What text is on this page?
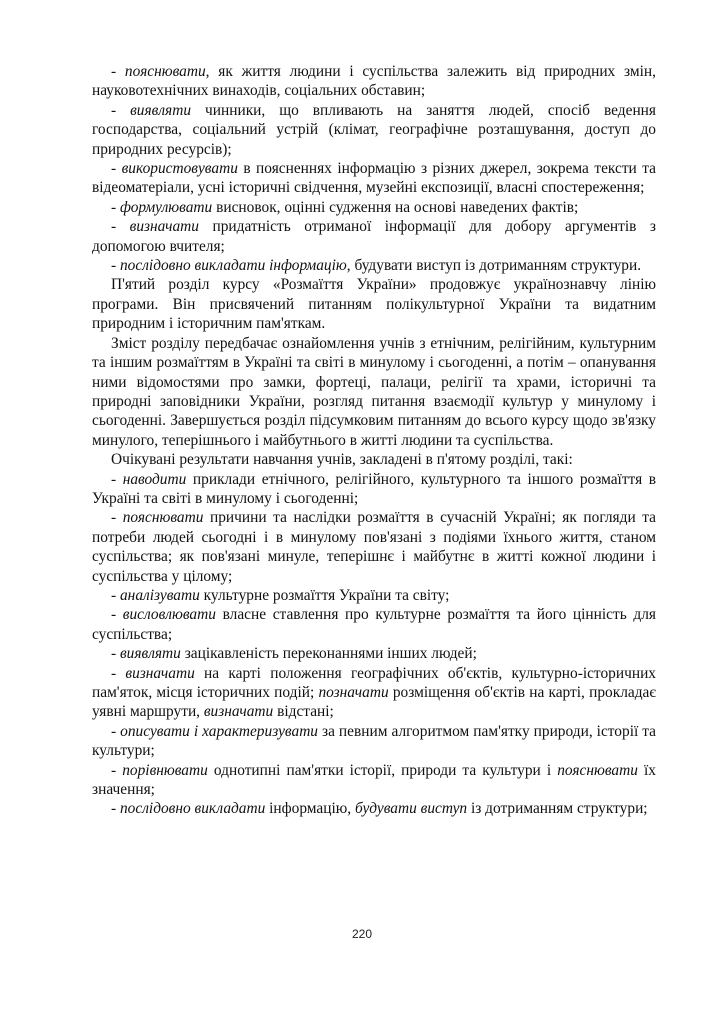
- пояснювати, як життя людини і суспільства залежить від природних змін, науковотехнічних винаходів, соціальних обставин;

- виявляти чинники, що впливають на заняття людей, спосіб ведення господарства, соціальний устрій (клімат, географічне розташування, доступ до природних ресурсів);

- використовувати в поясненнях інформацію з різних джерел, зокрема тексти та відеоматеріали, усні історичні свідчення, музейні експозиції, власні спостереження;

- формулювати висновок, оцінні судження на основі наведених фактів;

- визначати придатність отриманої інформації для добору аргументів з допомогою вчителя;

- послідовно викладати інформацію, будувати виступ із дотриманням структури.

П'ятий розділ курсу «Розмаїття України» продовжує українознавчу лінію програми. Він присвячений питанням полікультурної України та видатним природним і історичним пам'яткам.

Зміст розділу передбачає ознайомлення учнів з етнічним, релігійним, культурним та іншим розмаїттям в Україні та світі в минулому і сьогоденні, а потім – опанування ними відомостями про замки, фортеці, палаци, релігії та храми, історичні та природні заповідники України, розгляд питання взаємодії культур у минулому і сьогоденні. Завершується розділ підсумковим питанням до всього курсу щодо зв'язку минулого, теперішнього і майбутнього в житті людини та суспільства.

Очікувані результати навчання учнів, закладені в п'ятому розділі, такі:

- наводити приклади етнічного, релігійного, культурного та іншого розмаїття в Україні та світі в минулому і сьогоденні;

- пояснювати причини та наслідки розмаїття в сучасній Україні; як погляди та потреби людей сьогодні і в минулому пов'язані з подіями їхнього життя, станом суспільства; як пов'язані минуле, теперішнє і майбутнє в житті кожної людини і суспільства у цілому;

- аналізувати культурне розмаїття України та світу;

- висловлювати власне ставлення про культурне розмаїття та його цінність для суспільства;

- виявляти зацікавленість переконаннями інших людей;

- визначати на карті положення географічних об'єктів, культурно-історичних пам'яток, місця історичних подій; позначати розміщення об'єктів на карті, прокладає уявні маршрути, визначати відстані;

- описувати і характеризувати за певним алгоритмом пам'ятку природи, історії та культури;

- порівнювати однотипні пам'ятки історії, природи та культури і пояснювати їх значення;

- послідовно викладати інформацію, будувати виступ із дотриманням структури;

220
